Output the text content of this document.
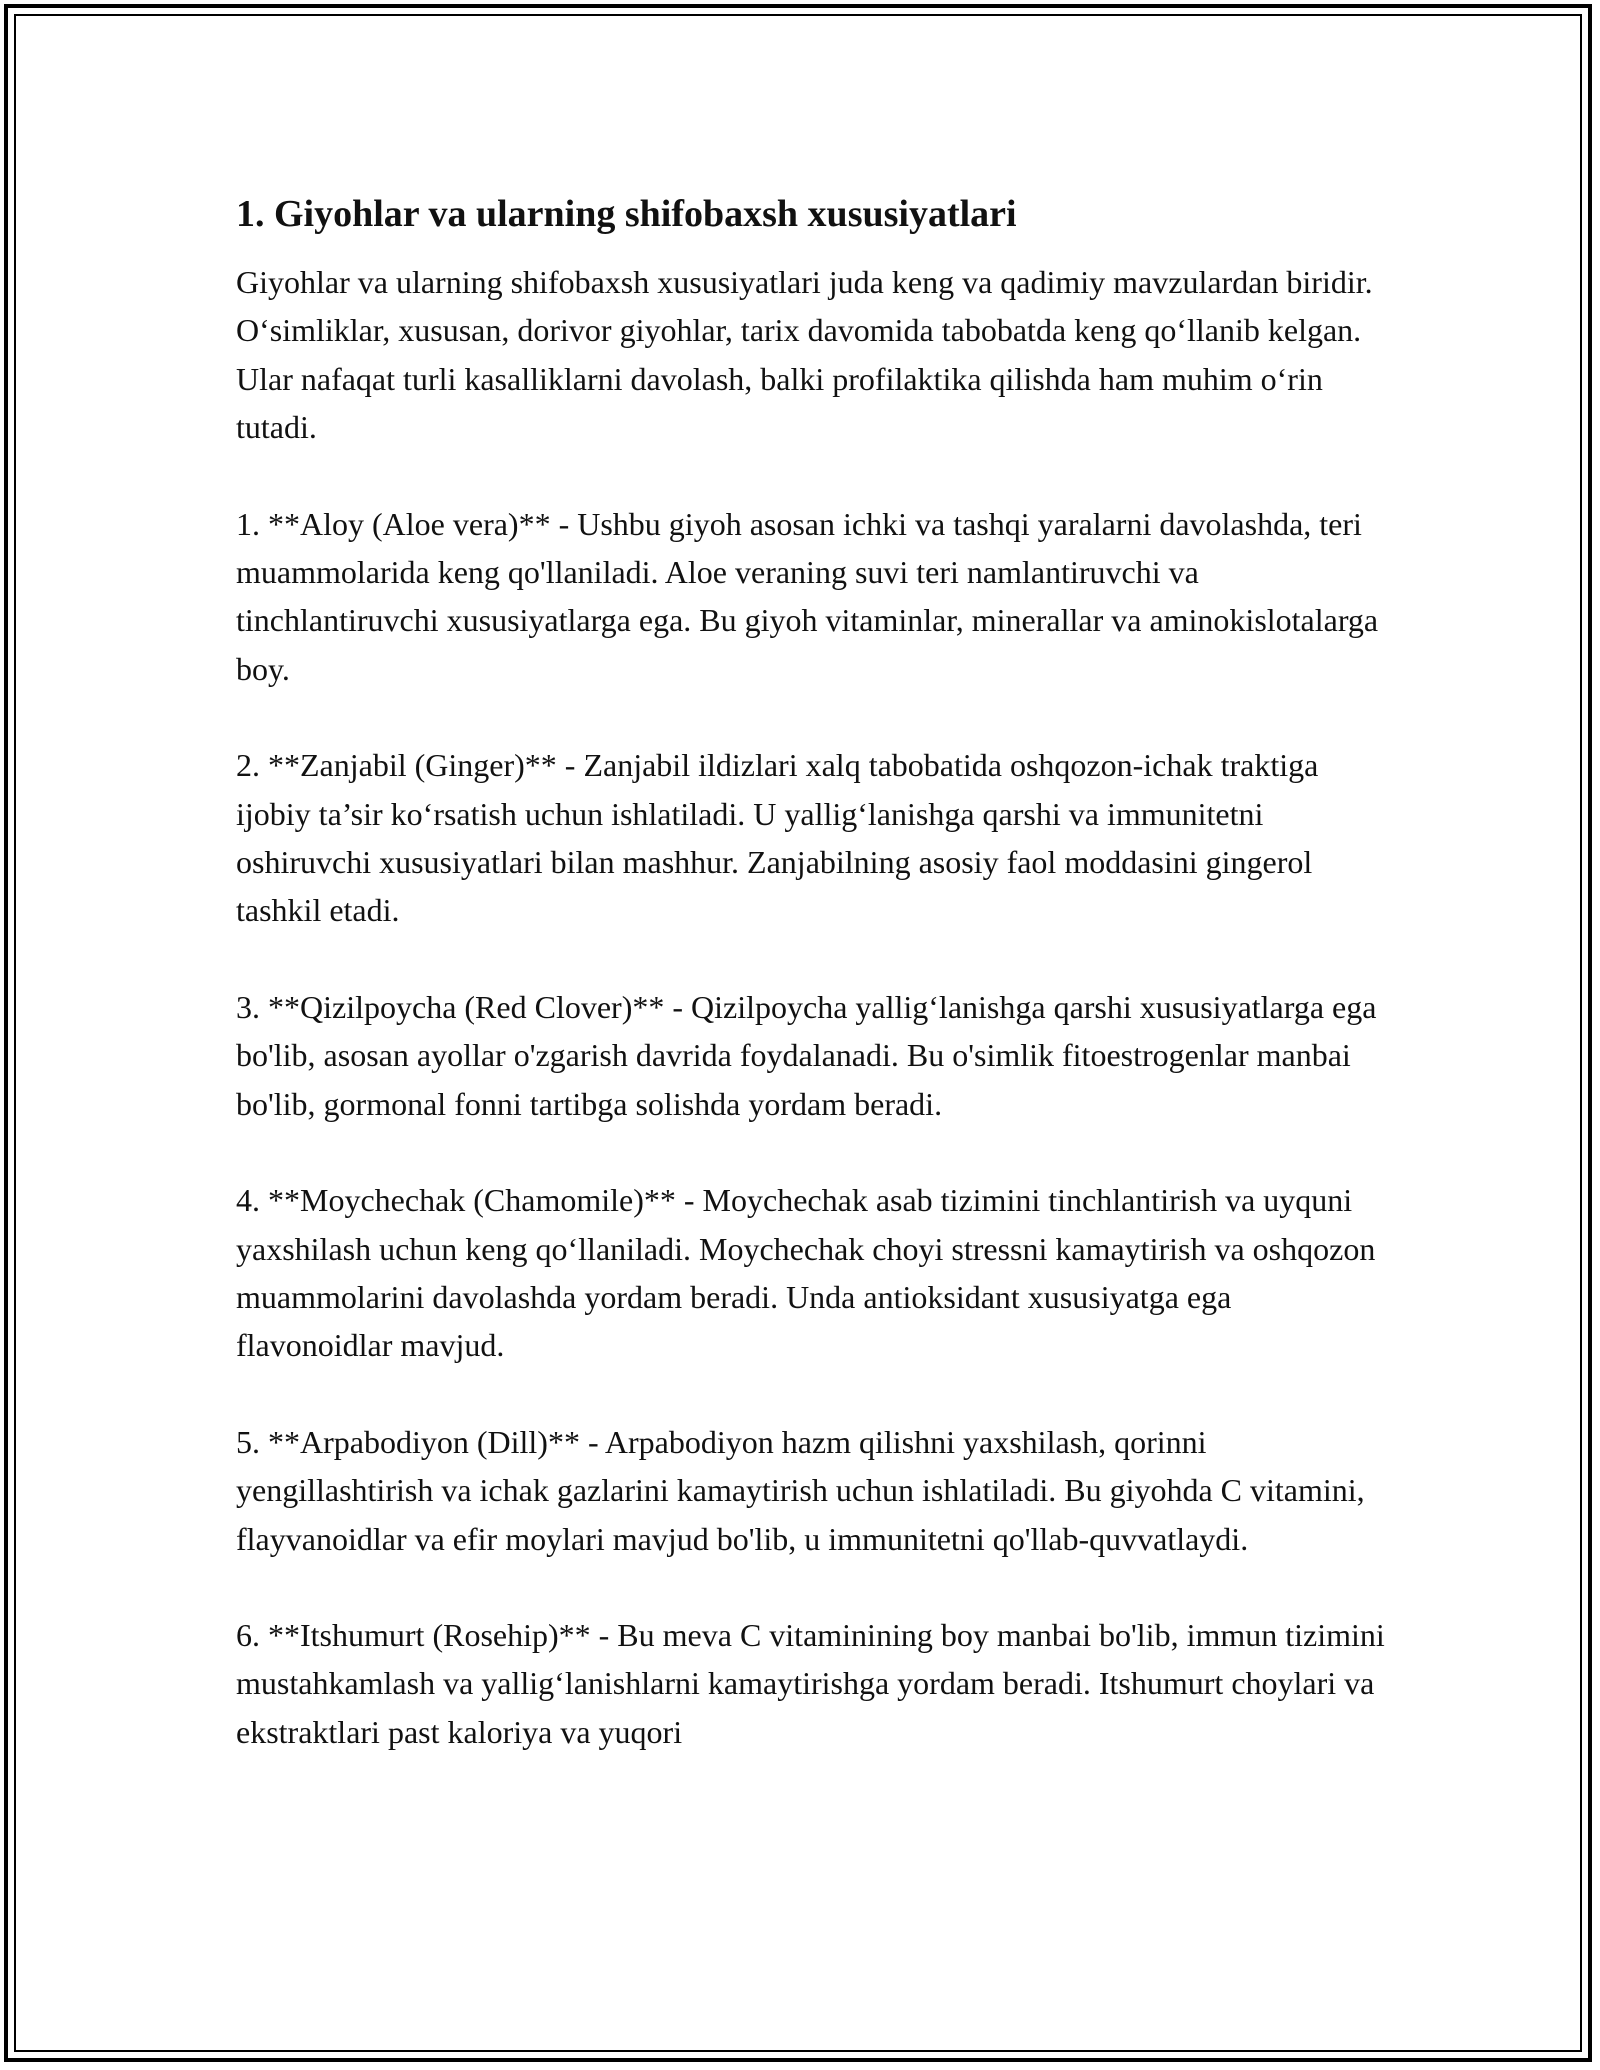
1. Giyohlar va ularning shifobaxsh xususiyatlari

Giyohlar va ularning shifobaxsh xususiyatlari juda keng va qadimiy mavzulardan biridir. O‘simliklar, xususan, dorivor giyohlar, tarix davomida tabobatda keng qo‘llanib kelgan. Ular nafaqat turli kasalliklarni davolash, balki profilaktika qilishda ham muhim o‘rin tutadi.

1. **Aloy (Aloe vera)** - Ushbu giyoh asosan ichki va tashqi yaralarni davolashda, teri muammolarida keng qo'llaniladi. Aloe veraning suvi teri namlantiruvchi va tinchlantiruvchi xususiyatlarga ega. Bu giyoh vitaminlar, minerallar va aminokislotalarga boy.

2. **Zanjabil (Ginger)** - Zanjabil ildizlari xalq tabobatida oshqozon-ichak traktiga ijobiy ta’sir ko‘rsatish uchun ishlatiladi. U yallig‘lanishga qarshi va immunitetni oshiruvchi xususiyatlari bilan mashhur. Zanjabilning asosiy faol moddasini gingerol tashkil etadi.

3. **Qizilpoycha (Red Clover)** - Qizilpoycha yallig‘lanishga qarshi xususiyatlarga ega bo'lib, asosan ayollar o'zgarish davrida foydalanadi. Bu o'simlik fitoestrogenlar manbai bo'lib, gormonal fonni tartibga solishda yordam beradi.

4. **Moychechak (Chamomile)** - Moychechak asab tizimini tinchlantirish va uyquni yaxshilash uchun keng qo‘llaniladi. Moychechak choyi stressni kamaytirish va oshqozon muammolarini davolashda yordam beradi. Unda antioksidant xususiyatga ega flavonoidlar mavjud.

5. **Arpabodiyon (Dill)** - Arpabodiyon hazm qilishni yaxshilash, qorinni yengillashtirish va ichak gazlarini kamaytirish uchun ishlatiladi. Bu giyohda C vitamini, flayvanoidlar va efir moylari mavjud bo'lib, u immunitetni qo'llab-quvvatlaydi.

6. **Itshumurt (Rosehip)** - Bu meva C vitaminining boy manbai bo'lib, immun tizimini mustahkamlash va yallig‘lanishlarni kamaytirishga yordam beradi. Itshumurt choylari va ekstraktlari past kaloriya va yuqori
